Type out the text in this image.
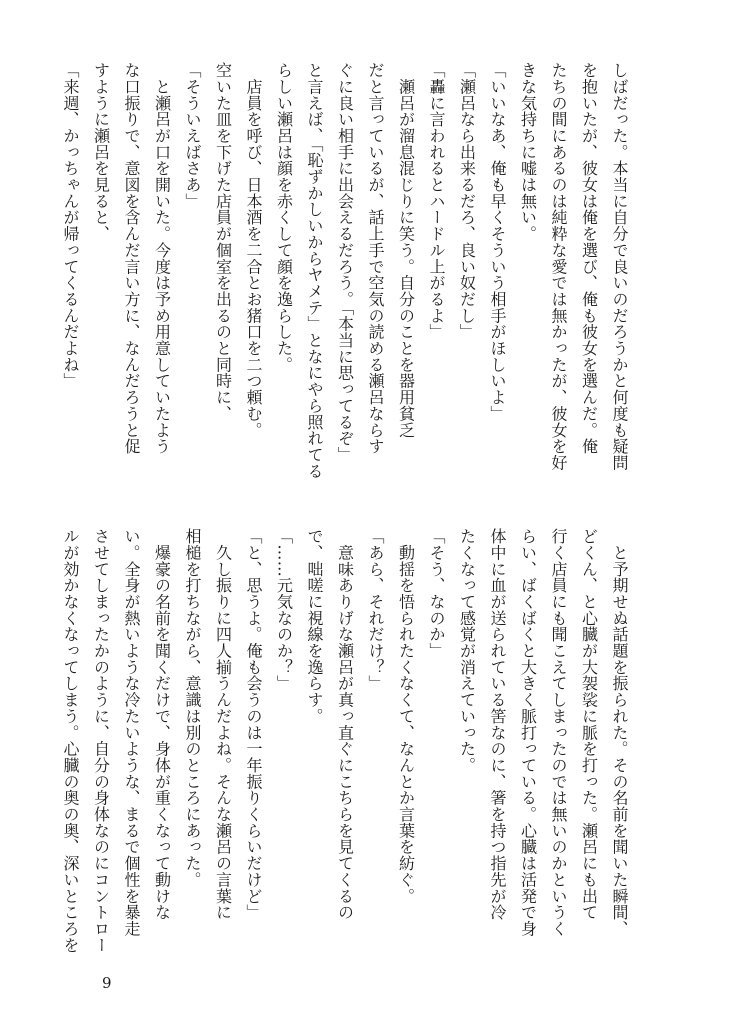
しばだった。本当に自分で良いのだろうかと何度も疑問
を抱いたが、彼女は俺を選び、俺も彼女を選んだ。俺
たちの間にあるのは純粋な愛では無かったが、彼女を好
きな気持ちに嘘は無い。
「いいなあ、俺も早くそういう相手がほしいよ」
「瀬呂なら出来るだろ、良い奴だし」
「轟に言われるとハードル上がるよ」
　瀬呂が溜息混じりに笑う。自分のことを器用貧乏
だと言っているが、話上手で空気の読める瀬呂ならす
ぐに良い相手に出会えるだろう。「本当に思ってるぞ」
と言えば、「恥ずかしいからヤメテ」となにやら照れてる
らしい瀬呂は顔を赤くして顔を逸らした。
　店員を呼び、日本酒を二合とお猪口を二つ頼む。
空いた皿を下げた店員が個室を出るのと同時に、
「そういえばさあ」
　と瀬呂が口を開いた。今度は予め用意していたよう
な口振りで、意図を含んだ言い方に、なんだろうと促
すように瀬呂を見ると、
「来週、かっちゃんが帰ってくるんだよね」
　と予期せぬ話題を振られた。その名前を聞いた瞬間、
どくん、と心臓が大袈裟に脈を打った。瀬呂にも出て
行く店員にも聞こえてしまったのでは無いのかというく
らい、ばくばくと大きく脈打っている。心臓は活発で身
体中に血が送られている筈なのに、箸を持つ指先が冷
たくなって感覚が消えていった。
「そう、なのか」
　動揺を悟られたくなくて、なんとか言葉を紡ぐ。
「あら、それだけ？」
　意味ありげな瀬呂が真っ直ぐにこちらを見てくるの
で、咄嗟に視線を逸らす。
「……元気なのか？」
「と、思うよ。俺も会うのは一年振りくらいだけど」
　久し振りに四人揃うんだよね。そんな瀬呂の言葉に
相槌を打ちながら、意識は別のところにあった。
　爆豪の名前を聞くだけで、身体が重くなって動けな
い。全身が熱いような冷たいような、まるで個性を暴走
させてしまったかのように、自分の身体なのにコントロー
ルが効かなくなってしまう。心臓の奥の奥、深いところを
9
